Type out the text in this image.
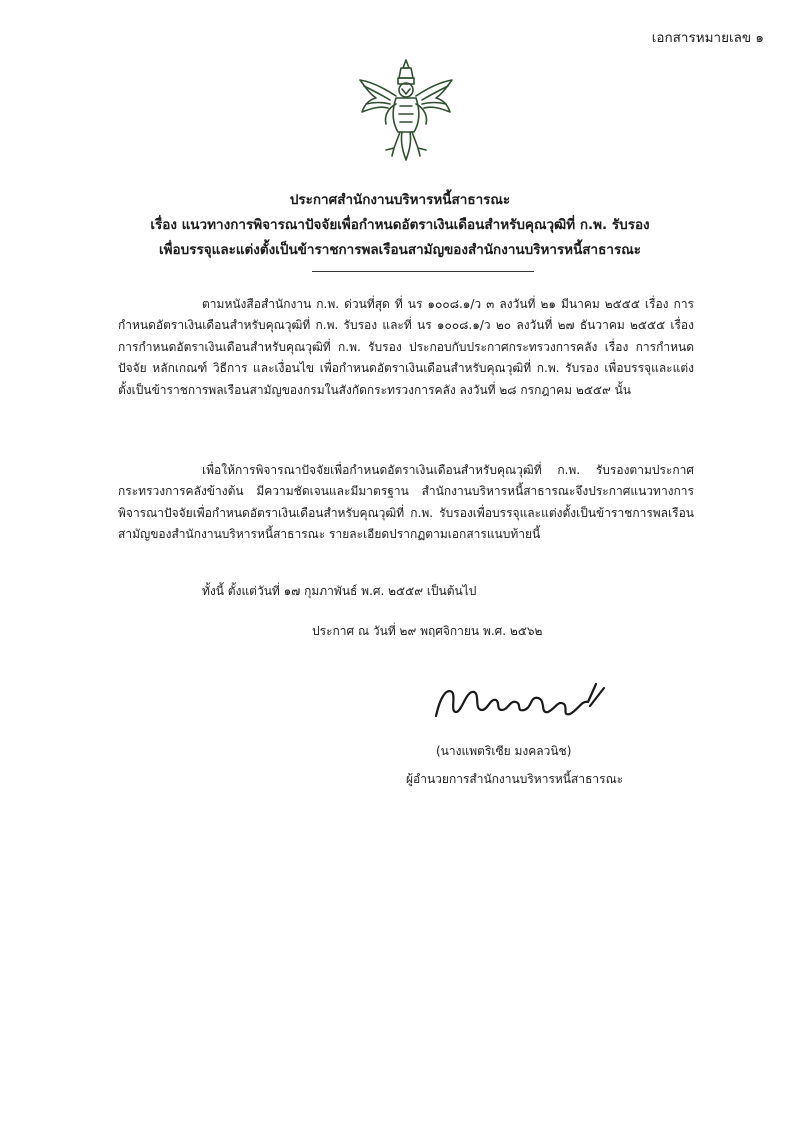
เอกสารหมายเลข ๑
ประกาศสำนักงานบริหารหนี้สาธารณะ
เรื่อง แนวทางการพิจารณาปัจจัยเพื่อกำหนดอัตราเงินเดือนสำหรับคุณวุฒิที่ ก.พ. รับรอง
เพื่อบรรจุและแต่งตั้งเป็นข้าราชการพลเรือนสามัญของสำนักงานบริหารหนี้สาธารณะ
ตามหนังสือสำนักงาน ก.พ. ด่วนที่สุด ที่ นร ๑๐๐๘.๑/ว ๓ ลงวันที่ ๒๑ มีนาคม ๒๕๕๕ เรื่อง การกำหนดอัตราเงินเดือนสำหรับคุณวุฒิที่ ก.พ. รับรอง และที่ นร ๑๐๐๘.๑/ว ๒๐ ลงวันที่ ๒๗ ธันวาคม ๒๕๕๕ เรื่อง การกำหนดอัตราเงินเดือนสำหรับคุณวุฒิที่ ก.พ. รับรอง ประกอบกับประกาศกระทรวงการคลัง เรื่อง การกำหนดปัจจัย หลักเกณฑ์ วิธีการ และเงื่อนไข เพื่อกำหนดอัตราเงินเดือนสำหรับคุณวุฒิที่ ก.พ. รับรอง เพื่อบรรจุและแต่งตั้งเป็นข้าราชการพลเรือนสามัญของกรมในสังกัดกระทรวงการคลัง ลงวันที่ ๒๘ กรกฎาคม ๒๕๕๙ นั้น
เพื่อให้การพิจารณาปัจจัยเพื่อกำหนดอัตราเงินเดือนสำหรับคุณวุฒิที่ ก.พ. รับรองตามประกาศกระทรวงการคลังข้างต้น มีความชัดเจนและมีมาตรฐาน สำนักงานบริหารหนี้สาธารณะจึงประกาศแนวทางการพิจารณาปัจจัยเพื่อกำหนดอัตราเงินเดือนสำหรับคุณวุฒิที่ ก.พ. รับรองเพื่อบรรจุและแต่งตั้งเป็นข้าราชการพลเรือนสามัญของสำนักงานบริหารหนี้สาธารณะ รายละเอียดปรากฏตามเอกสารแนบท้ายนี้
ทั้งนี้ ตั้งแต่วันที่ ๑๗ กุมภาพันธ์ พ.ศ. ๒๕๕๙ เป็นต้นไป
ประกาศ ณ วันที่ ๒๙ พฤศจิกายน พ.ศ. ๒๕๖๒
(นางแพตริเซีย มงคลวนิช)
ผู้อำนวยการสำนักงานบริหารหนี้สาธารณะ
